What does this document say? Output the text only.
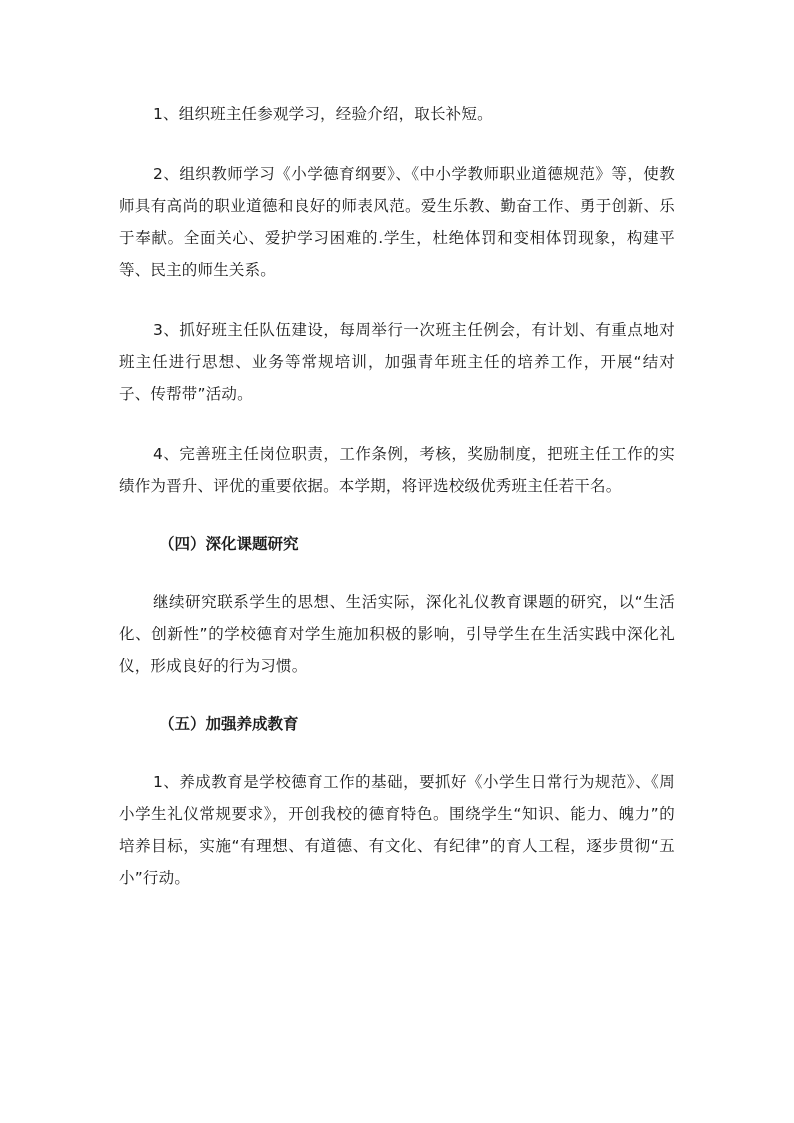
1、组织班主任参观学习，经验介绍，取长补短。

2、组织教师学习《小学德育纲要》、《中小学教师职业道德规范》等，使教师具有高尚的职业道德和良好的师表风范。爱生乐教、勤奋工作、勇于创新、乐于奉献。全面关心、爱护学习困难的.学生，杜绝体罚和变相体罚现象，构建平等、民主的师生关系。

3、抓好班主任队伍建设，每周举行一次班主任例会，有计划、有重点地对班主任进行思想、业务等常规培训，加强青年班主任的培养工作，开展“结对子、传帮带”活动。

4、完善班主任岗位职责，工作条例，考核，奖励制度，把班主任工作的实绩作为晋升、评优的重要依据。本学期，将评选校级优秀班主任若干名。

（四）深化课题研究

继续研究联系学生的思想、生活实际，深化礼仪教育课题的研究，以“生活化、创新性”的学校德育对学生施加积极的影响，引导学生在生活实践中深化礼仪，形成良好的行为习惯。

（五）加强养成教育

1、养成教育是学校德育工作的基础，要抓好《小学生日常行为规范》、《周小学生礼仪常规要求》，开创我校的德育特色。围绕学生“知识、能力、魄力”的培养目标，实施“有理想、有道德、有文化、有纪律”的育人工程，逐步贯彻“五小”行动。
